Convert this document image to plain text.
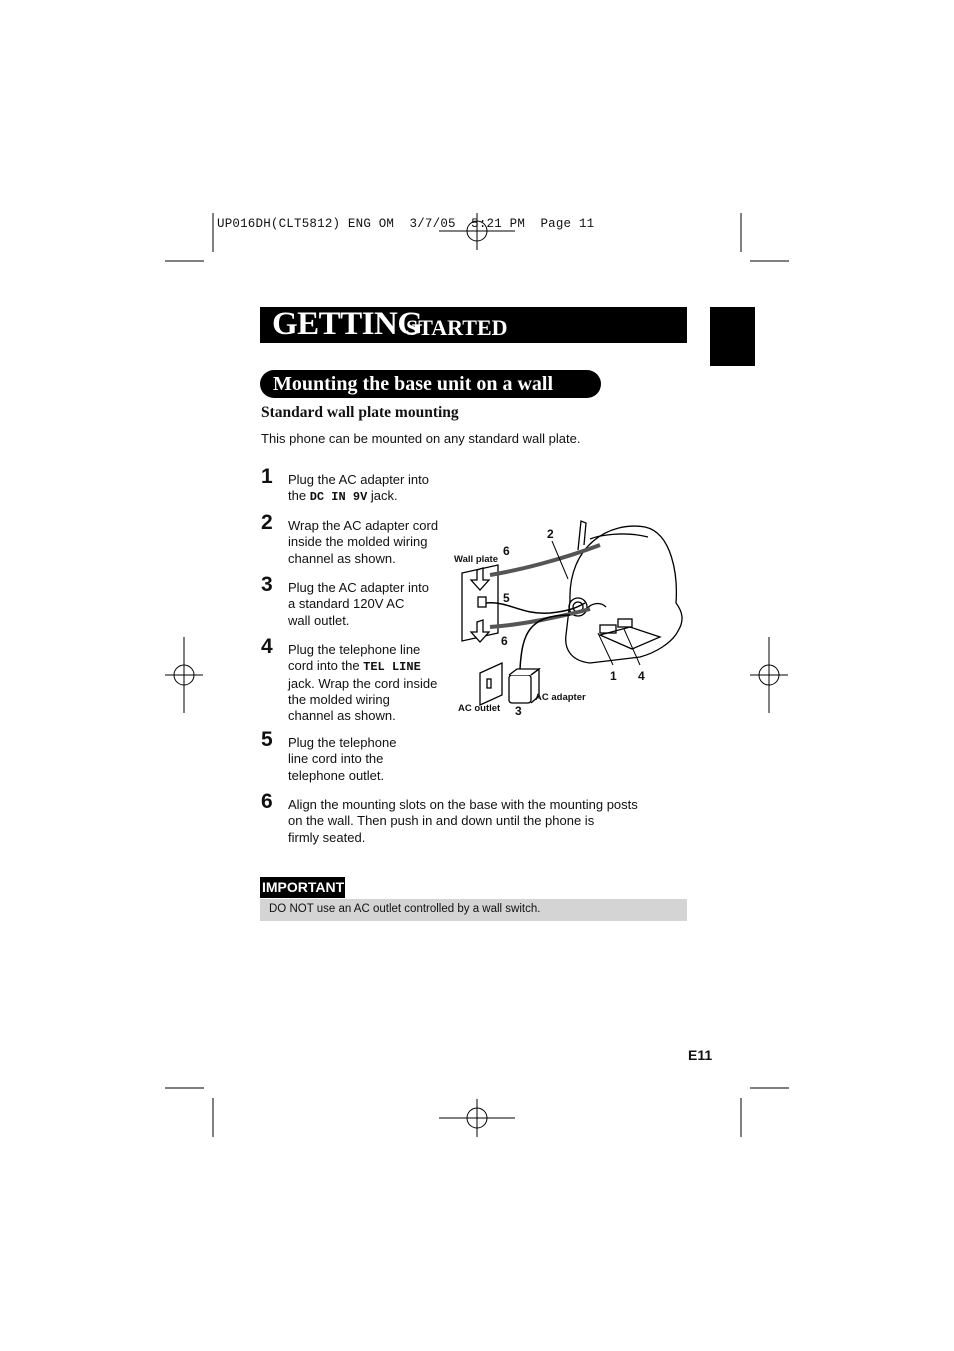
UP016DH(CLT5812) ENG OM  3/7/05  5:21 PM  Page 11
GETTING
STARTED
Mounting the base unit on a wall
Standard wall plate mounting
This phone can be mounted on any standard wall plate.
1 Plug the AC adapter into
the DC IN 9V jack.
2 Wrap the AC adapter cord
inside the molded wiring
channel as shown.
3 Plug the AC adapter into
a standard 120V AC
wall outlet.
4 Plug the telephone line
cord into the TEL LINE
jack. Wrap the cord inside
the molded wiring
channel as shown.
5 Plug the telephone
line cord into the
telephone outlet.
6 Align the mounting slots on the base with the mounting posts
on the wall. Then push in and down until the phone is
firmly seated.
Wall plate
AC adapter
AC outlet
2
6
5
6
1 4
3
IMPORTANT
DO NOT use an AC outlet controlled by a wall switch.
E11
